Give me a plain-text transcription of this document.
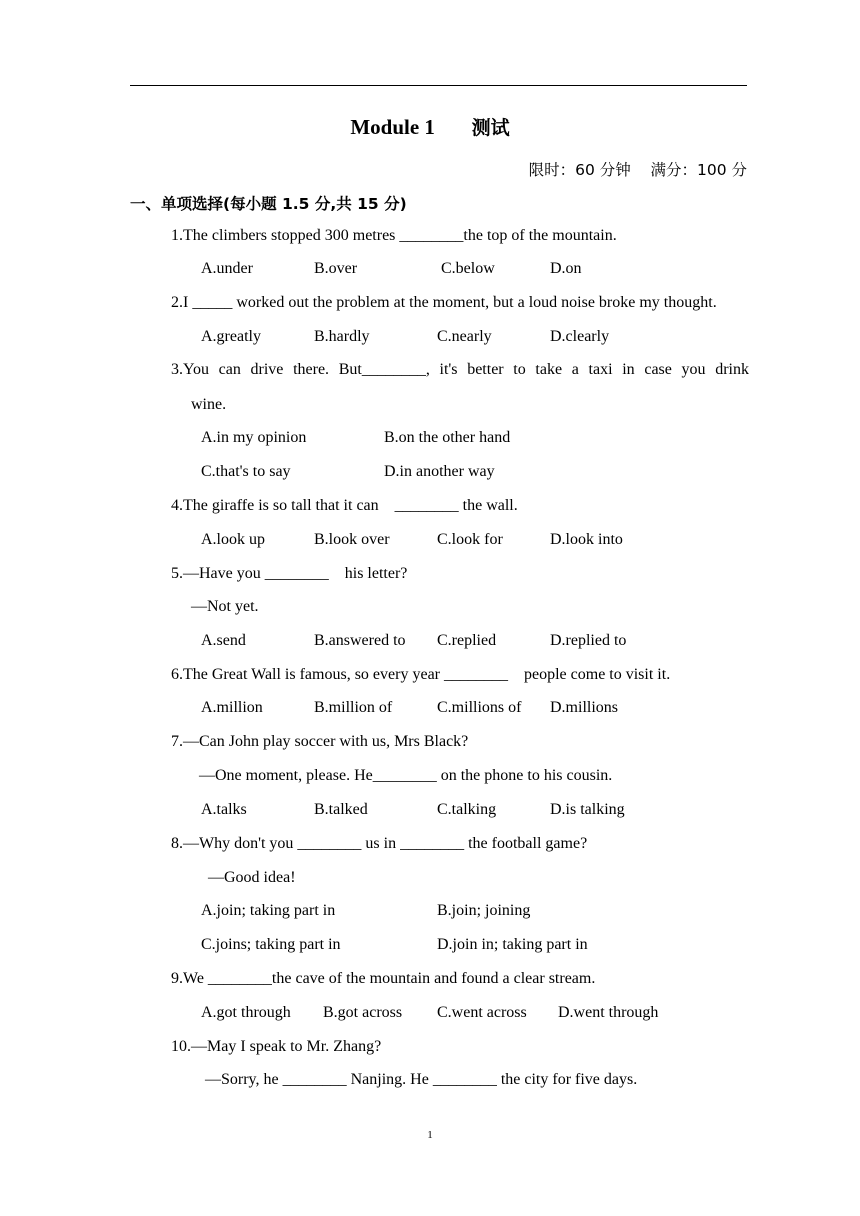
Module 1 测试
限时：60 分钟    满分：100 分
一、单项选择(每小题 1.5 分,共 15 分)
1.The climbers stopped 300 metres ________the top of the mountain.
A.under	B.over	C.below	D.on
2.I _____ worked out the problem at the moment, but a loud noise broke my thought.
A.greatly	B.hardly	C.nearly	D.clearly
3.You can drive there. But________, it's better to take a taxi in case you drink
wine.
A.in my opinion	B.on the other hand
C.that's to say	D.in another way
4.The giraffe is so tall that it can    ________ the wall.
A.look up	B.look over	C.look for	D.look into
5.—Have you ________    his letter?
—Not yet.
A.send	B.answered to C.replied	D.replied to
6.The Great Wall is famous, so every year ________    people come to visit it.
A.million	B.million of	C.millions of D.millions
7.—Can John play soccer with us, Mrs Black?
—One moment, please. He________ on the phone to his cousin.
A.talks	B.talked	C.talking	D.is talking
8.—Why don't you ________ us in ________ the football game?
—Good idea!
A.join; taking part in	B.join; joining
C.joins; taking part in	D.join in; taking part in
9.We ________the cave of the mountain and found a clear stream.
A.got through B.got across C.went across D.went through
10.—May I speak to Mr. Zhang?
—Sorry, he ________ Nanjing. He ________ the city for five days.
1
